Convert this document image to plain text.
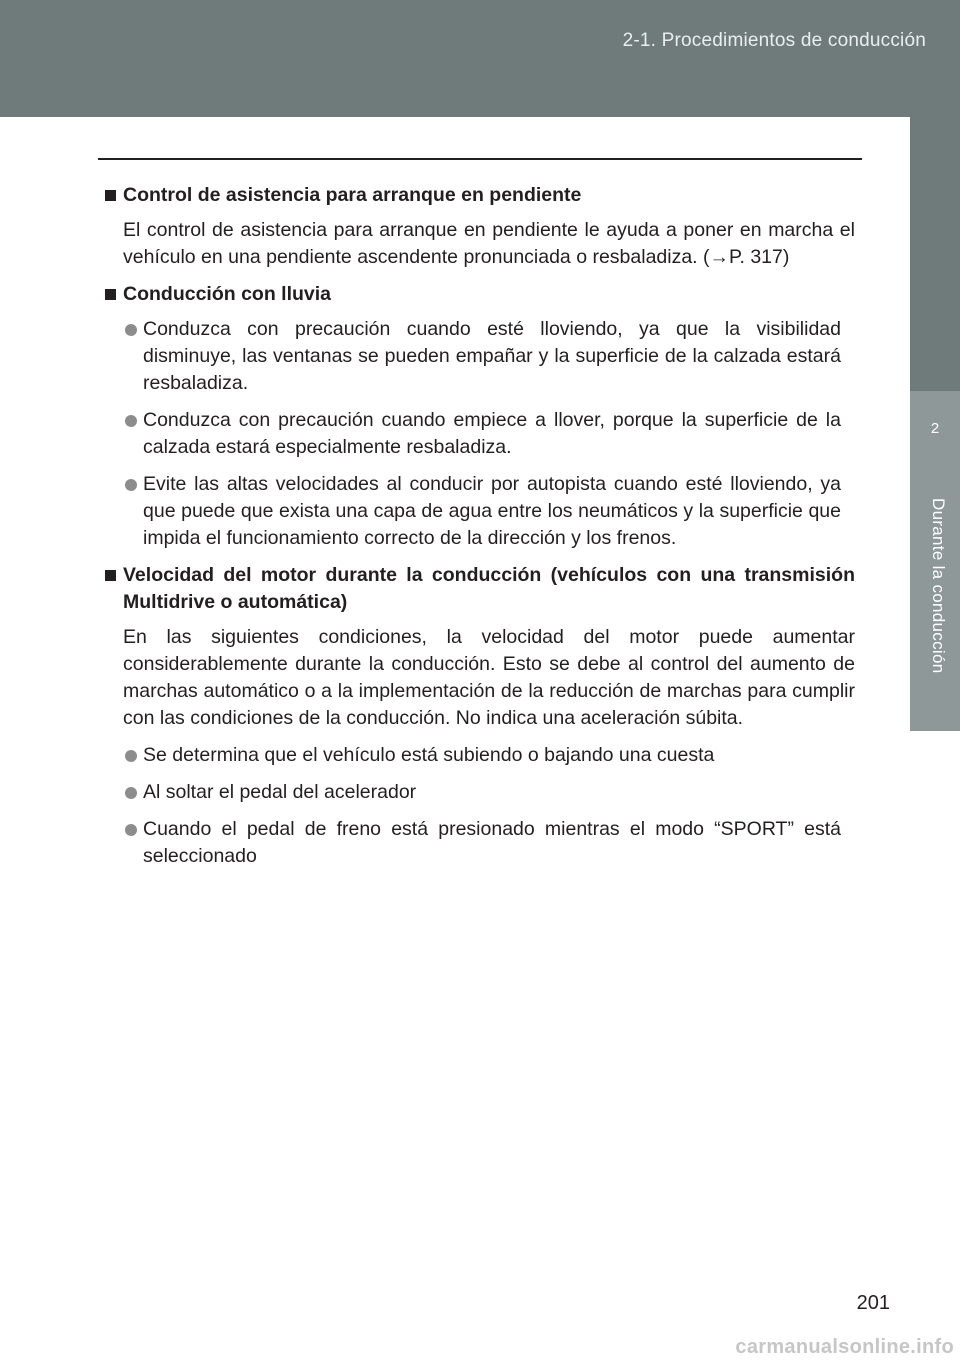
2-1. Procedimientos de conducción
2
Durante la conducción
Control de asistencia para arranque en pendiente
El control de asistencia para arranque en pendiente le ayuda a poner en marcha el vehículo en una pendiente ascendente pronunciada o resbaladiza. (→P. 317)
Conducción con lluvia
Conduzca con precaución cuando esté lloviendo, ya que la visibilidad disminuye, las ventanas se pueden empañar y la superficie de la calzada estará resbaladiza.
Conduzca con precaución cuando empiece a llover, porque la superficie de la calzada estará especialmente resbaladiza.
Evite las altas velocidades al conducir por autopista cuando esté lloviendo, ya que puede que exista una capa de agua entre los neumáticos y la superficie que impida el funcionamiento correcto de la dirección y los frenos.
Velocidad del motor durante la conducción (vehículos con una transmisión Multidrive o automática)
En las siguientes condiciones, la velocidad del motor puede aumentar considerablemente durante la conducción. Esto se debe al control del aumento de marchas automático o a la implementación de la reducción de marchas para cumplir con las condiciones de la conducción. No indica una aceleración súbita.
Se determina que el vehículo está subiendo o bajando una cuesta
Al soltar el pedal del acelerador
Cuando el pedal de freno está presionado mientras el modo “SPORT” está seleccionado
201
carmanualsonline.info
